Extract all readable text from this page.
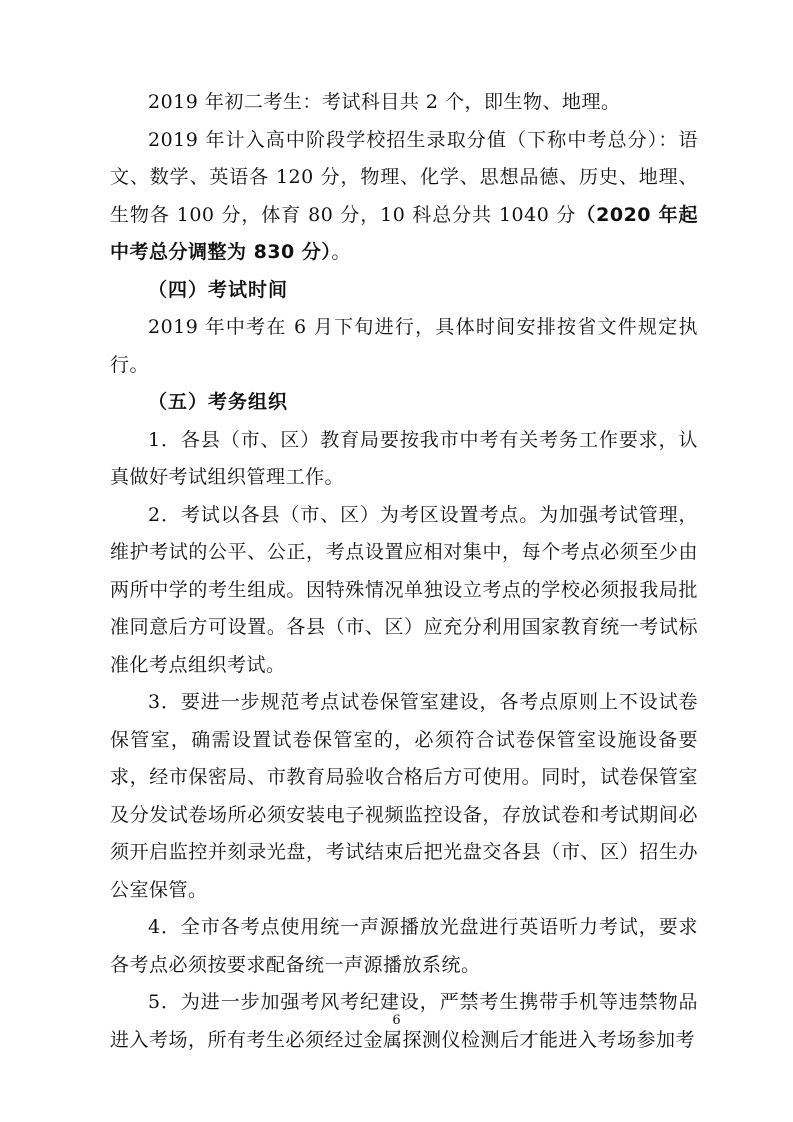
2019 年初二考生：考试科目共 2 个，即生物、地理。

2019 年计入高中阶段学校招生录取分值（下称中考总分）：语文、数学、英语各 120 分，物理、化学、思想品德、历史、地理、生物各 100 分，体育 80 分，10 科总分共 1040 分（2020 年起中考总分调整为 830 分）。

（四）考试时间

2019 年中考在 6 月下旬进行，具体时间安排按省文件规定执行。

（五）考务组织

1．各县（市、区）教育局要按我市中考有关考务工作要求，认真做好考试组织管理工作。

2．考试以各县（市、区）为考区设置考点。为加强考试管理，维护考试的公平、公正，考点设置应相对集中，每个考点必须至少由两所中学的考生组成。因特殊情况单独设立考点的学校必须报我局批准同意后方可设置。各县（市、区）应充分利用国家教育统一考试标准化考点组织考试。

3．要进一步规范考点试卷保管室建设，各考点原则上不设试卷保管室，确需设置试卷保管室的，必须符合试卷保管室设施设备要求，经市保密局、市教育局验收合格后方可使用。同时，试卷保管室及分发试卷场所必须安装电子视频监控设备，存放试卷和考试期间必须开启监控并刻录光盘，考试结束后把光盘交各县（市、区）招生办公室保管。

4．全市各考点使用统一声源播放光盘进行英语听力考试，要求各考点必须按要求配备统一声源播放系统。

5．为进一步加强考风考纪建设，严禁考生携带手机等违禁物品进入考场，所有考生必须经过金属探测仪检测后才能进入考场参加考

6
